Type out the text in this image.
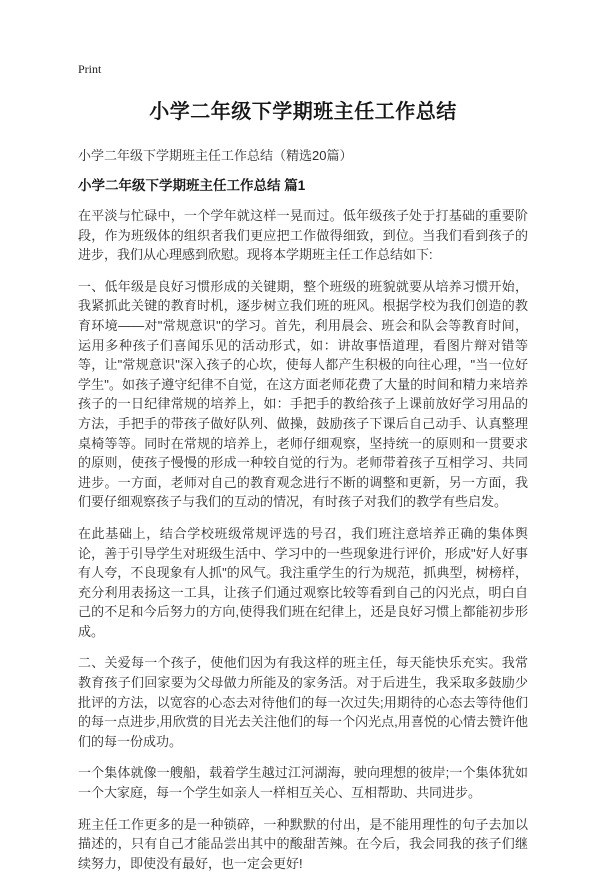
Print
小学二年级下学期班主任工作总结
小学二年级下学期班主任工作总结（精选20篇）
小学二年级下学期班主任工作总结 篇1

在平淡与忙碌中，一个学年就这样一晃而过。低年级孩子处于打基础的重要阶段，作为班级体的组织者我们更应把工作做得细致，到位。当我们看到孩子的进步，我们从心理感到欣慰。现将本学期班主任工作总结如下:

一、低年级是良好习惯形成的关键期，整个班级的班貌就要从培养习惯开始，我紧抓此关键的教育时机，逐步树立我们班的班风。根据学校为我们创造的教育环境——对"常规意识"的学习。首先，利用晨会、班会和队会等教育时间，运用多种孩子们喜闻乐见的活动形式，如：讲故事悟道理，看图片辩对错等等，让"常规意识"深入孩子的心坎，使每人都产生积极的向往心理，"当一位好学生"。如孩子遵守纪律不自觉，在这方面老师花费了大量的时间和精力来培养孩子的一日纪律常规的培养上，如：手把手的教给孩子上课前放好学习用品的方法，手把手的带孩子做好队列、做操，鼓励孩子下课后自己动手、认真整理桌椅等等。同时在常规的培养上，老师仔细观察，坚持统一的原则和一贯要求的原则，使孩子慢慢的形成一种较自觉的行为。老师带着孩子互相学习、共同进步。一方面，老师对自己的教育观念进行不断的调整和更新，另一方面，我们要仔细观察孩子与我们的互动的情况，有时孩子对我们的教学有些启发。

在此基础上，结合学校班级常规评选的号召，我们班注意培养正确的集体舆论，善于引导学生对班级生活中、学习中的一些现象进行评价，形成"好人好事有人夸，不良现象有人抓"的风气。我注重学生的行为规范，抓典型，树榜样，充分利用表扬这一工具，让孩子们通过观察比较等看到自己的闪光点，明白自己的不足和今后努力的方向,使得我们班在纪律上，还是良好习惯上都能初步形成。

二、关爱每一个孩子，使他们因为有我这样的班主任，每天能快乐充实。我常教育孩子们回家要为父母做力所能及的家务活。对于后进生，我采取多鼓励少批评的方法，以宽容的心态去对待他们的每一次过失;用期待的心态去等待他们的每一点进步,用欣赏的目光去关注他们的每一个闪光点,用喜悦的心情去赞许他们的每一份成功。

一个集体就像一艘船，载着学生越过江河湖海，驶向理想的彼岸;一个集体犹如一个大家庭，每一个学生如亲人一样相互关心、互相帮助、共同进步。

班主任工作更多的是一种锁碎，一种默默的付出，是不能用理性的句子去加以描述的，只有自己才能品尝出其中的酸甜苦辣。在今后，我会同我的孩子们继续努力，即使没有最好，也一定会更好!
